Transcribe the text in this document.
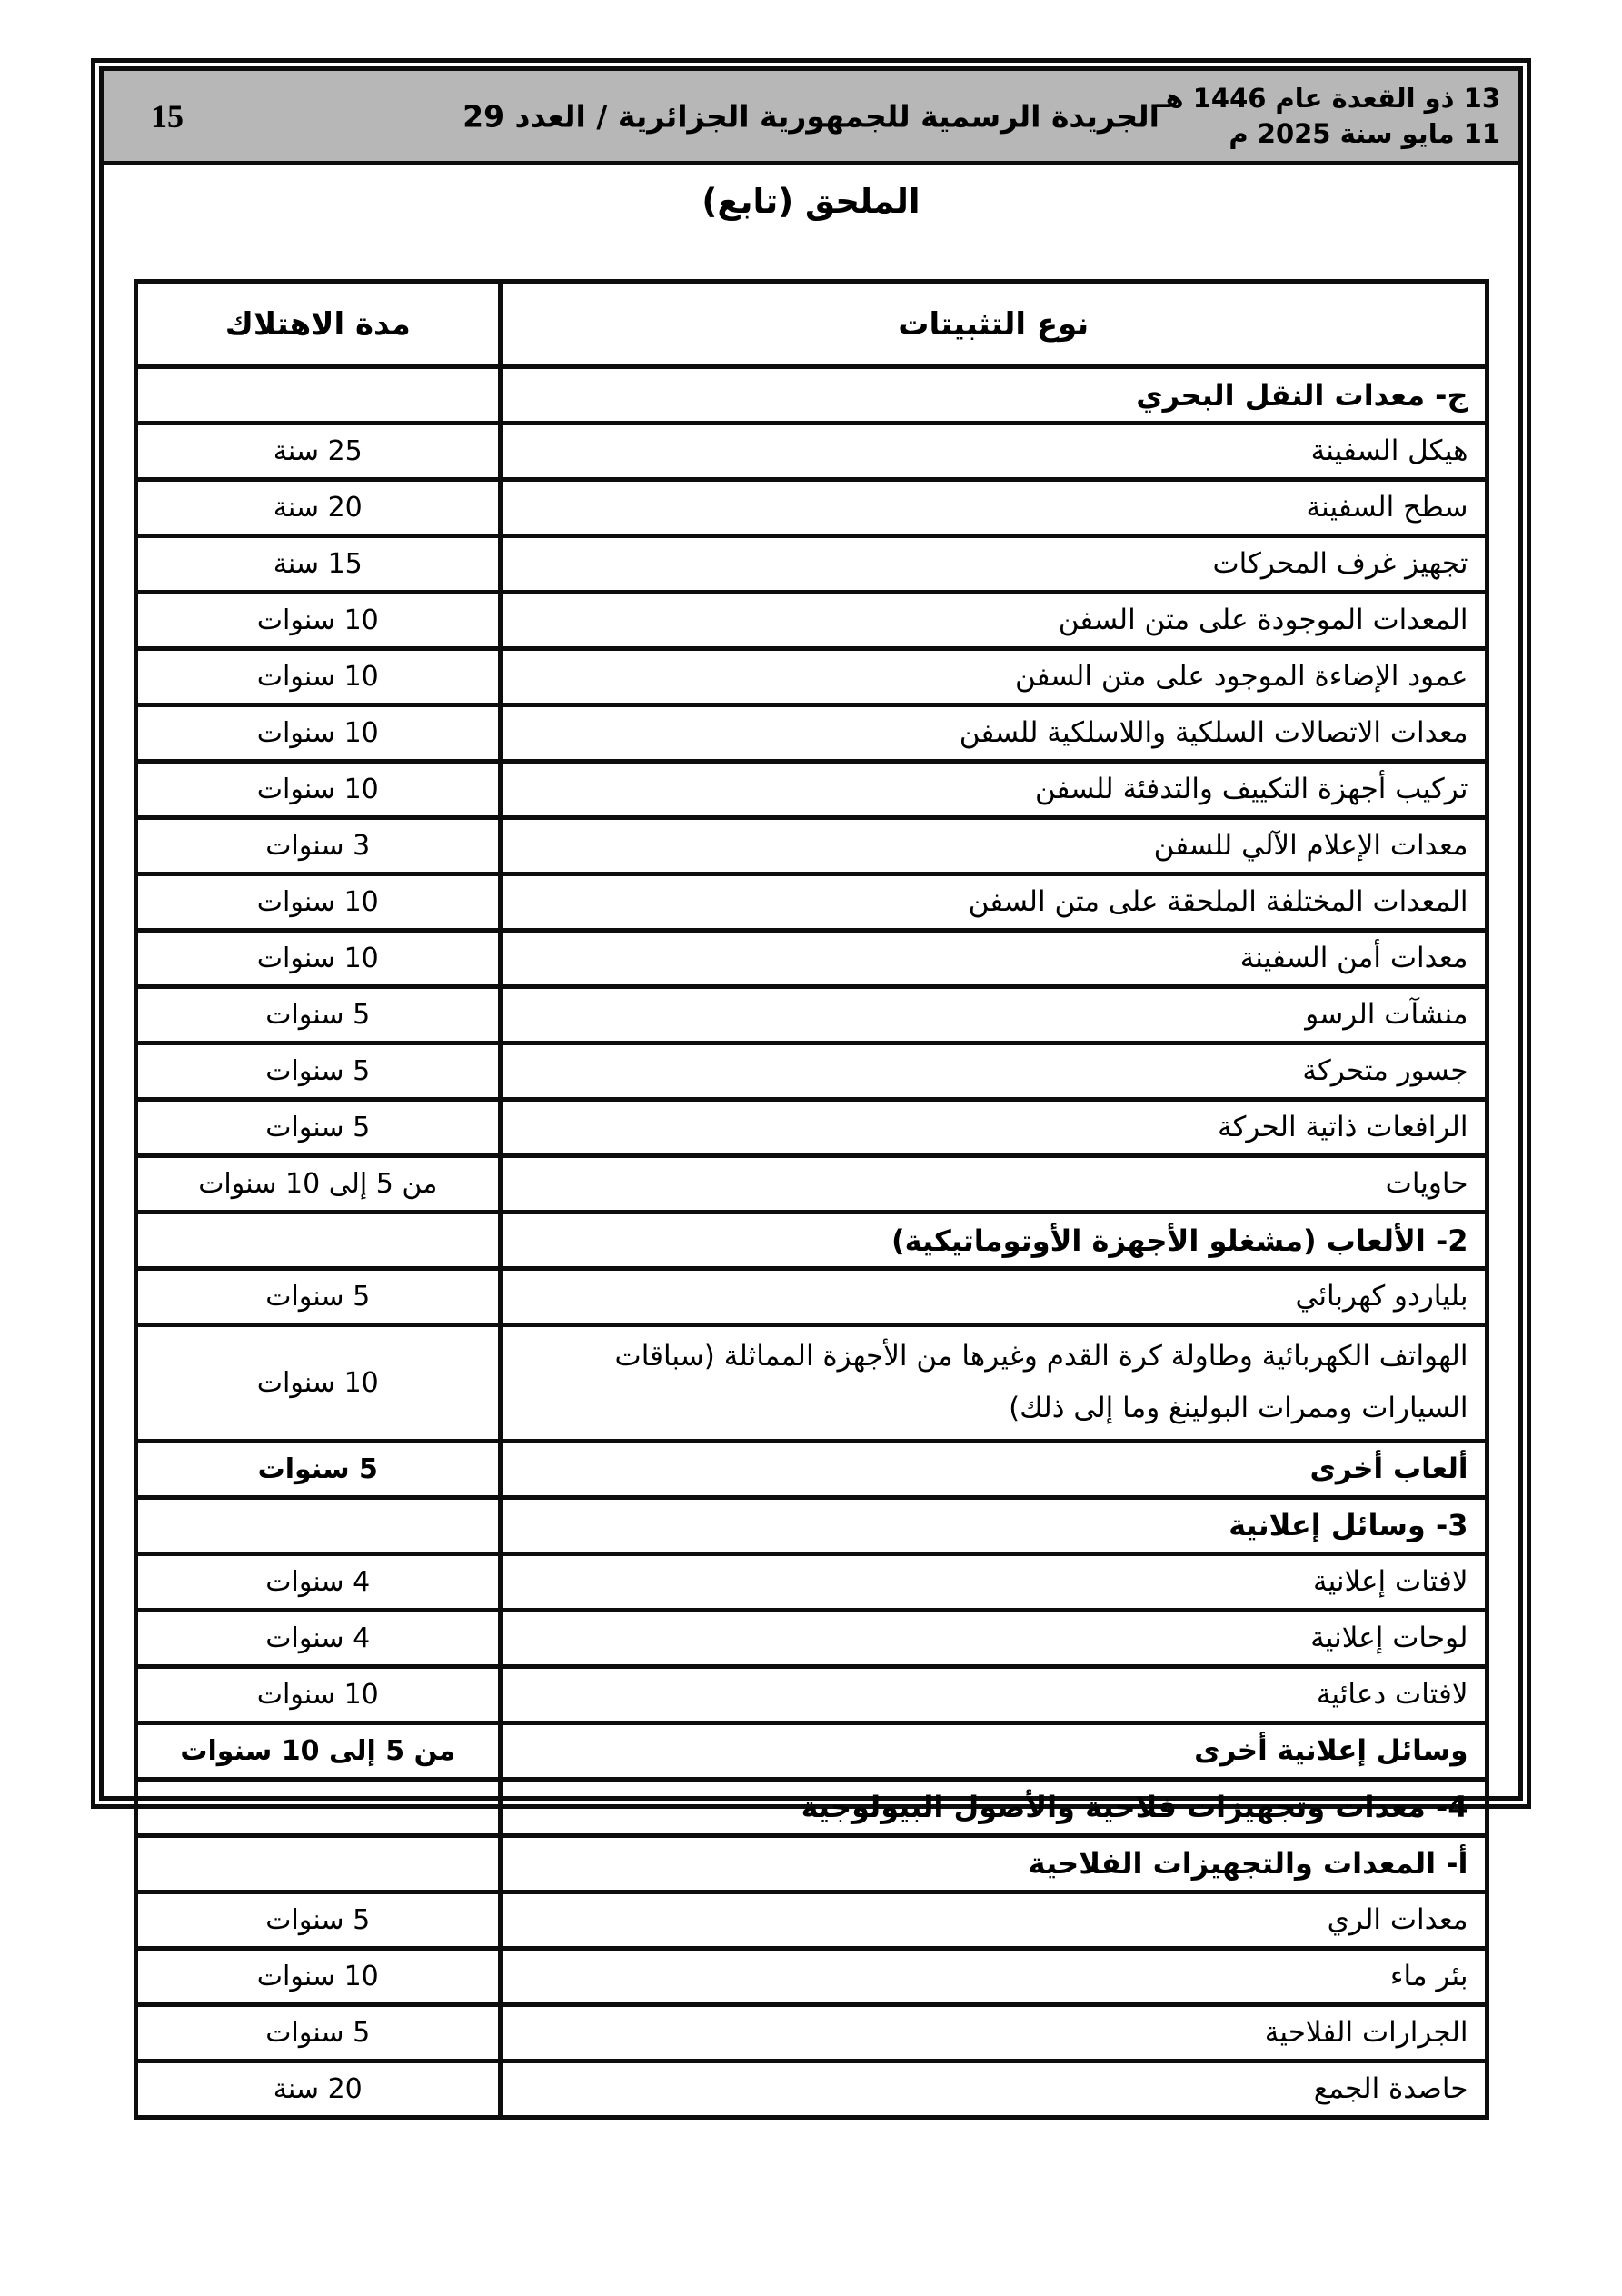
13 ذو القعدة عام 1446 هـ
11 مايو سنة 2025 م
الجريدة الرسمية للجمهورية الجزائرية / العدد 29
15
الملحق (تابع)
نوع التثبيتات	مدة الاهتلاك
ج- معدات النقل البحري	
هيكل السفينة	25 سنة
سطح السفينة	20 سنة
تجهيز غرف المحركات	15 سنة
المعدات الموجودة على متن السفن	10 سنوات
عمود الإضاءة الموجود على متن السفن	10 سنوات
معدات الاتصالات السلكية واللاسلكية للسفن	10 سنوات
تركيب أجهزة التكييف والتدفئة للسفن	10 سنوات
معدات الإعلام الآلي للسفن	3 سنوات
المعدات المختلفة الملحقة على متن السفن	10 سنوات
معدات أمن السفينة	10 سنوات
منشآت الرسو	5 سنوات
جسور متحركة	5 سنوات
الرافعات ذاتية الحركة	5 سنوات
حاويات	من 5 إلى 10 سنوات
2- الألعاب (مشغلو الأجهزة الأوتوماتيكية)	
بلياردو كهربائي	5 سنوات
الهواتف الكهربائية وطاولة كرة القدم وغيرها من الأجهزة المماثلة (سباقات السيارات وممرات البولينغ وما إلى ذلك)	10 سنوات
ألعاب أخرى	5 سنوات
3- وسائل إعلانية	
لافتات إعلانية	4 سنوات
لوحات إعلانية	4 سنوات
لافتات دعائية	10 سنوات
وسائل إعلانية أخرى	من 5 إلى 10 سنوات
4- معدات وتجهيزات فلاحية والأصول البيولوجية	
أ- المعدات والتجهيزات الفلاحية	
معدات الري	5 سنوات
بئر ماء	10 سنوات
الجرارات الفلاحية	5 سنوات
حاصدة الجمع	20 سنة
